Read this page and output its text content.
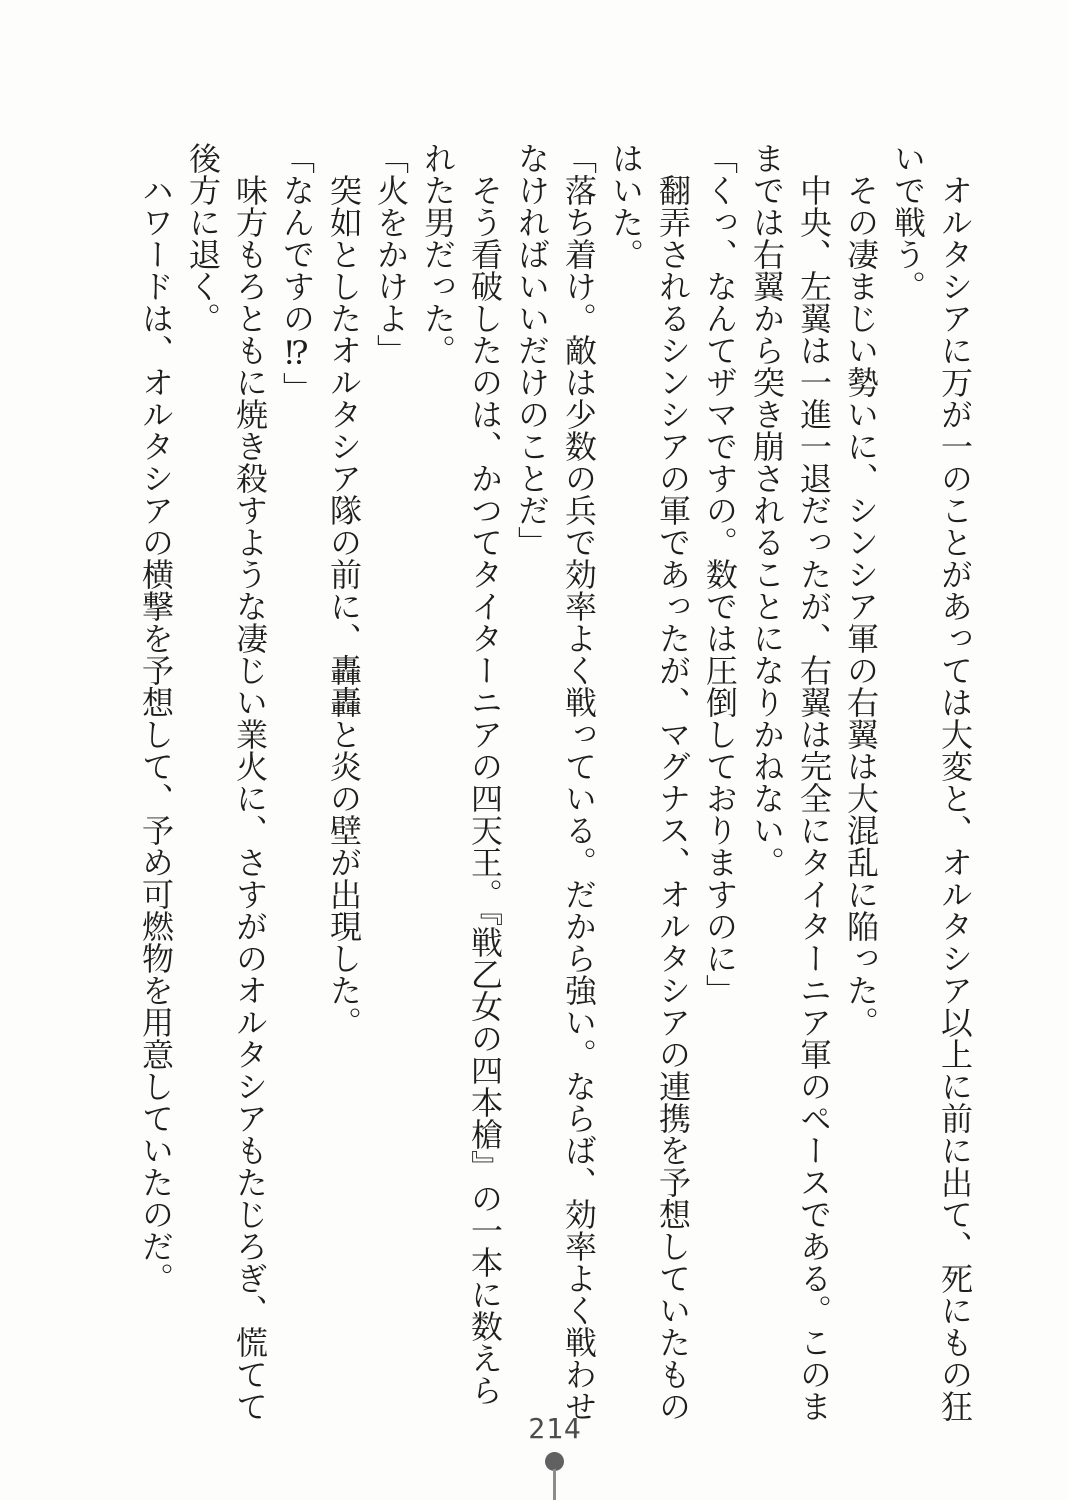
　オルタシアに万が一のことがあっては大変と、オルタシア以上に前に出て、死にもの狂

いで戦う。

　その凄まじい勢いに、シンシア軍の右翼は大混乱に陥った。

　中央、左翼は一進一退だったが、右翼は完全にタイターニア軍のペースである。このま

までは右翼から突き崩されることになりかねない。

「くっ、なんてザマですの。数では圧倒しておりますのに」

　翻弄されるシンシアの軍であったが、マグナス、オルタシアの連携を予想していたもの

はいた。

「落ち着け。敵は少数の兵で効率よく戦っている。だから強い。ならば、効率よく戦わせ

なければいいだけのことだ」

　そう看破したのは、かつてタイターニアの四天王。『戦乙女の四本槍』の一本に数えら

れた男だった。

「火をかけよ」

　突如としたオルタシア隊の前に、轟轟と炎の壁が出現した。

「なんですの⁉」

　味方もろともに焼き殺すような凄じい業火に、さすがのオルタシアもたじろぎ、慌てて

後方に退く。

　ハワードは、オルタシアの横撃を予想して、予め可燃物を用意していたのだ。

214
